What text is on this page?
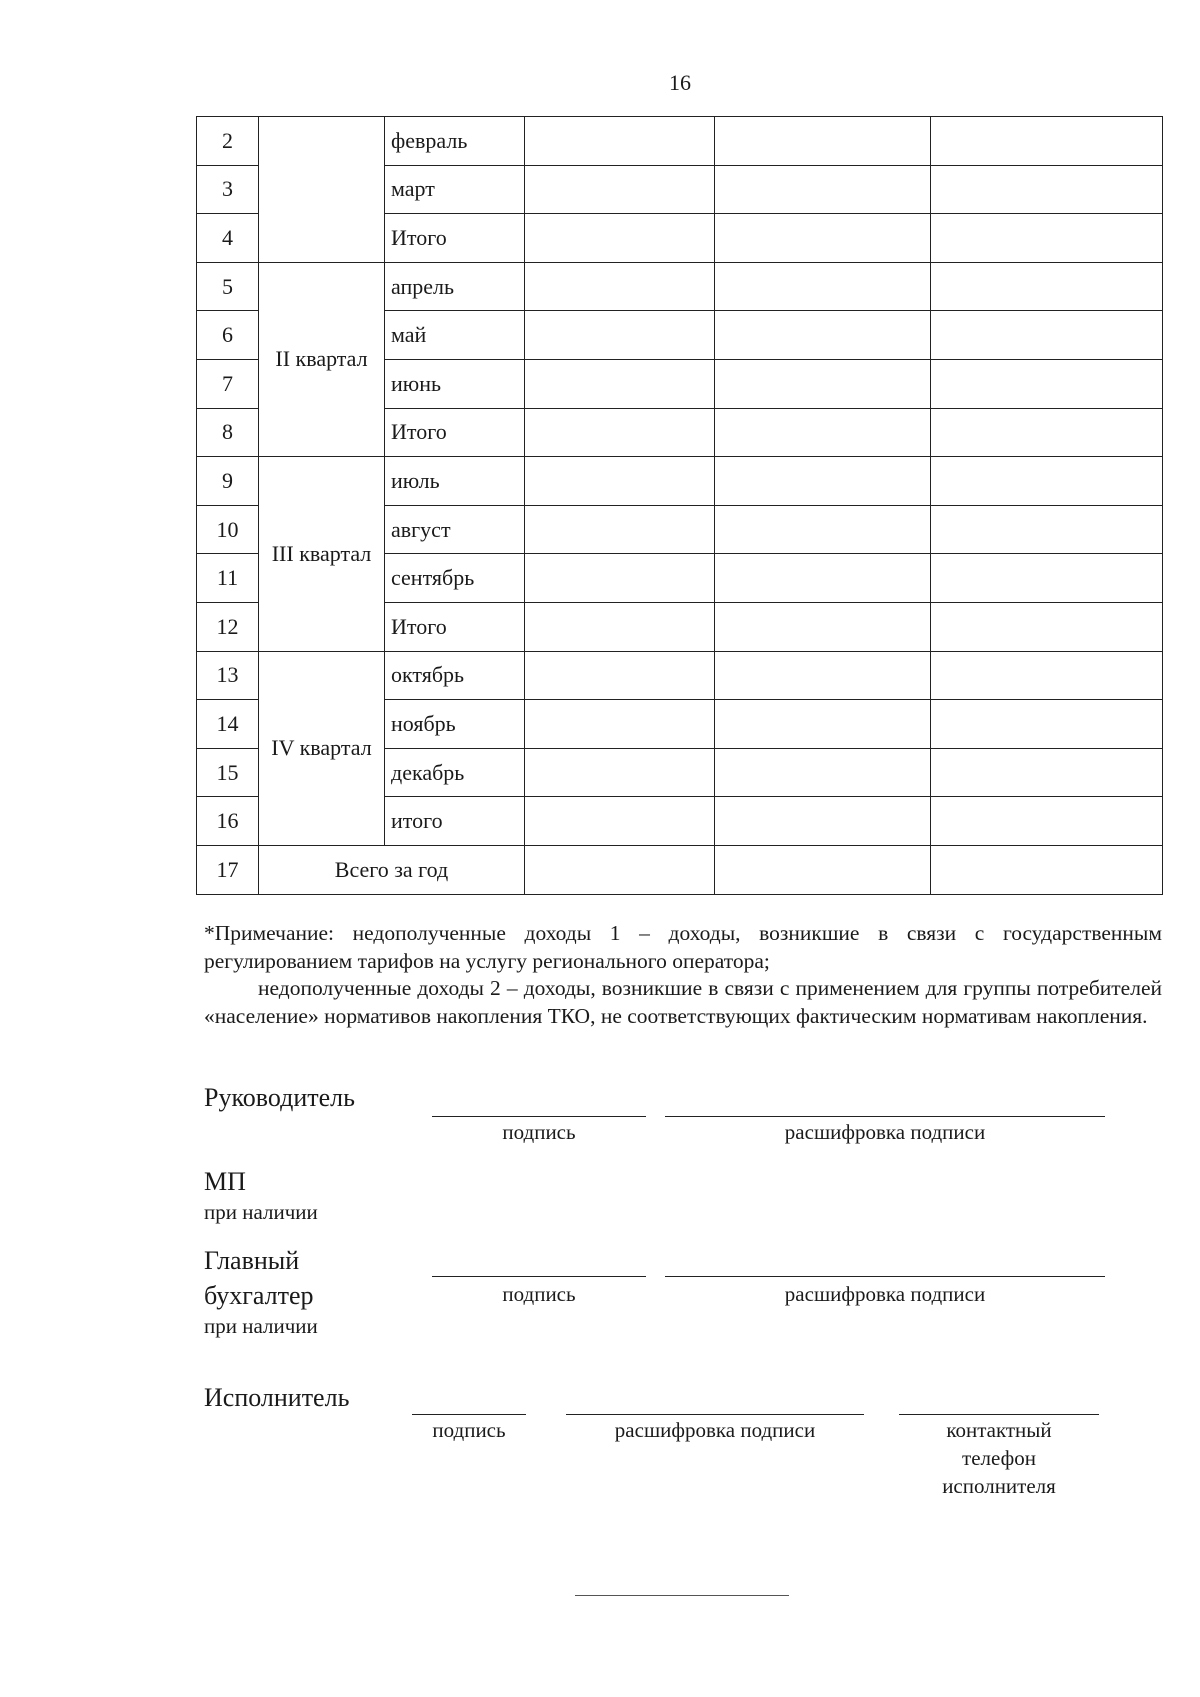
16
2		февраль			
3		март			
4		Итого			
5	II квартал	апрель			
6		май			
7		июнь			
8		Итого			
9	III квартал	июль			
10		август			
11		сентябрь			
12		Итого			
13	IV квартал	октябрь			
14		ноябрь			
15		декабрь			
16		итого			
17	Всего за год				

*Примечание: недополученные доходы 1 – доходы, возникшие в связи с государственным регулированием тарифов на услугу регионального оператора;

недополученные доходы 2 – доходы, возникшие в связи с применением для группы потребителей «население» нормативов накопления ТКО, не соответствующих фактическим нормативам накопления.

Руководитель
подпись	расшифровка подписи
МП
при наличии
Главный
бухгалтер
при наличии
подпись	расшифровка подписи
Исполнитель
подпись	расшифровка подписи	контактный
телефон
исполнителя
